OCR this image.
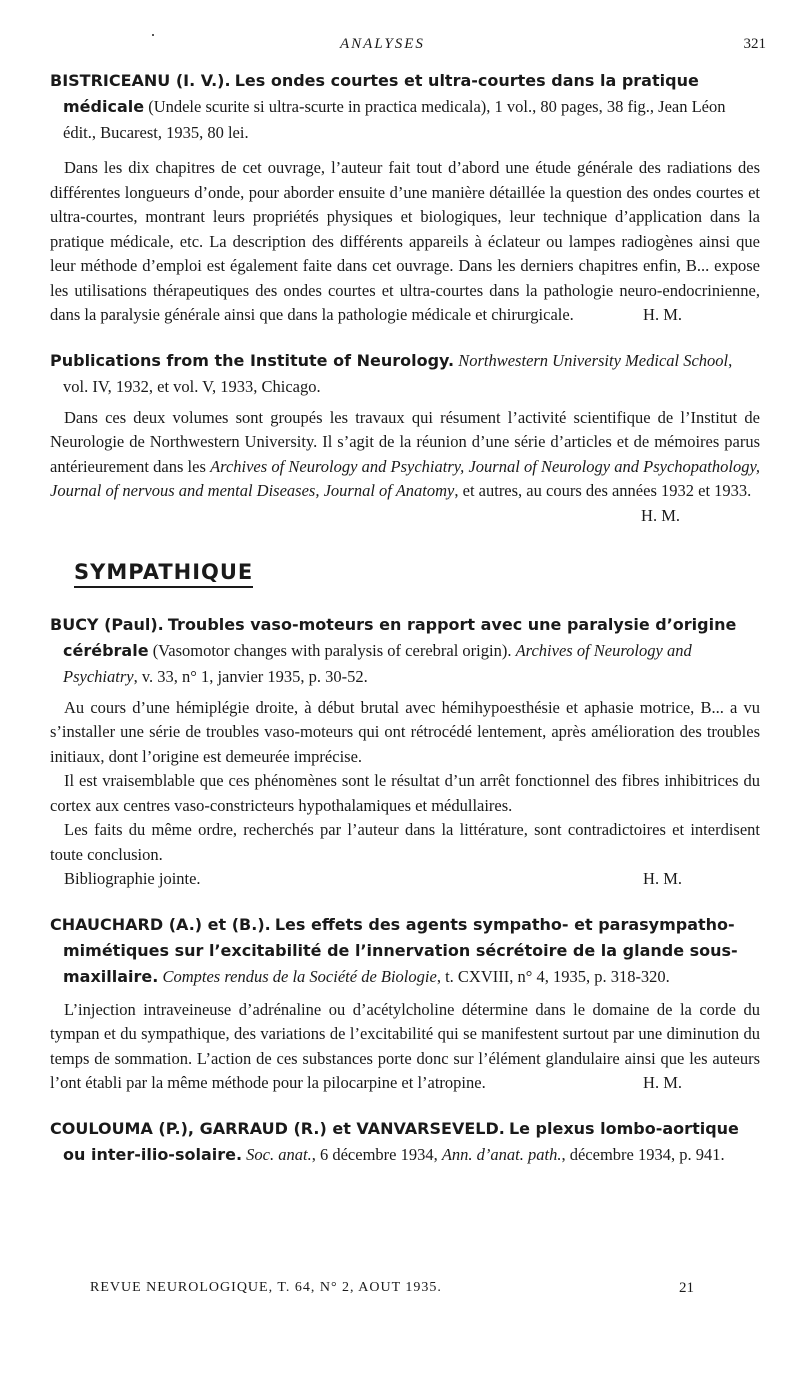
ANALYSES	321

BISTRICEANU (I. V.). Les ondes courtes et ultra-courtes dans la pratique médicale (Undele scurite si ultra-scurte in practica medicala), 1 vol., 80 pages, 38 fig., Jean Léon édit., Bucarest, 1935, 80 lei.

Dans les dix chapitres de cet ouvrage, l’auteur fait tout d’abord une étude générale des radiations des différentes longueurs d’onde, pour aborder ensuite d’une manière détaillée la question des ondes courtes et ultra-courtes, montrant leurs propriétés physiques et biologiques, leur technique d’application dans la pratique médicale, etc. La description des différents appareils à éclateur ou lampes radiogènes ainsi que leur méthode d’emploi est également faite dans cet ouvrage. Dans les derniers chapitres enfin, B... expose les utilisations thérapeutiques des ondes courtes et ultra-courtes dans la pathologie neuro-endocrinienne, dans la paralysie générale ainsi que dans la pathologie médicale et chirurgicale.	H. M.

Publications from the Institute of Neurology. Northwestern University Medical School, vol. IV, 1932, et vol. V, 1933, Chicago.

Dans ces deux volumes sont groupés les travaux qui résument l’activité scientifique de l’Institut de Neurologie de Northwestern University. Il s’agit de la réunion d’une série d’articles et de mémoires parus antérieurement dans les Archives of Neurology and Psychiatry, Journal of Neurology and Psychopathology, Journal of nervous and mental Diseases, Journal of Anatomy, et autres, au cours des années 1932 et 1933.

H. M.
SYMPATHIQUE

BUCY (Paul). Troubles vaso-moteurs en rapport avec une paralysie d’origine cérébrale (Vasomotor changes with paralysis of cerebral origin). Archives of Neurology and Psychiatry, v. 33, n° 1, janvier 1935, p. 30-52.

Au cours d’une hémiplégie droite, à début brutal avec hémihypoesthésie et aphasie motrice, B... a vu s’installer une série de troubles vaso-moteurs qui ont rétrocédé lentement, après amélioration des troubles initiaux, dont l’origine est demeurée imprécise.

Il est vraisemblable que ces phénomènes sont le résultat d’un arrêt fonctionnel des fibres inhibitrices du cortex aux centres vaso-constricteurs hypothalamiques et médullaires.

Les faits du même ordre, recherchés par l’auteur dans la littérature, sont contradictoires et interdisent toute conclusion.

Bibliographie jointe.	H. M.

CHAUCHARD (A.) et (B.). Les effets des agents sympatho- et parasympatho-mimétiques sur l’excitabilité de l’innervation sécrétoire de la glande sous-maxillaire. Comptes rendus de la Société de Biologie, t. CXVIII, n° 4, 1935, p. 318-320.

L’injection intraveineuse d’adrénaline ou d’acétylcholine détermine dans le domaine de la corde du tympan et du sympathique, des variations de l’excitabilité qui se manifestent surtout par une diminution du temps de sommation. L’action de ces substances porte donc sur l’élément glandulaire ainsi que les auteurs l’ont établi par la même méthode pour la pilocarpine et l’atropine.	H. M.

COULOUMA (P.), GARRAUD (R.) et VANVARSEVELD. Le plexus lombo-aortique ou inter-ilio-solaire. Soc. anat., 6 décembre 1934, Ann. d’anat. path., décembre 1934, p. 941.

REVUE NEUROLOGIQUE, T. 64, N° 2, AOUT 1935.	21
